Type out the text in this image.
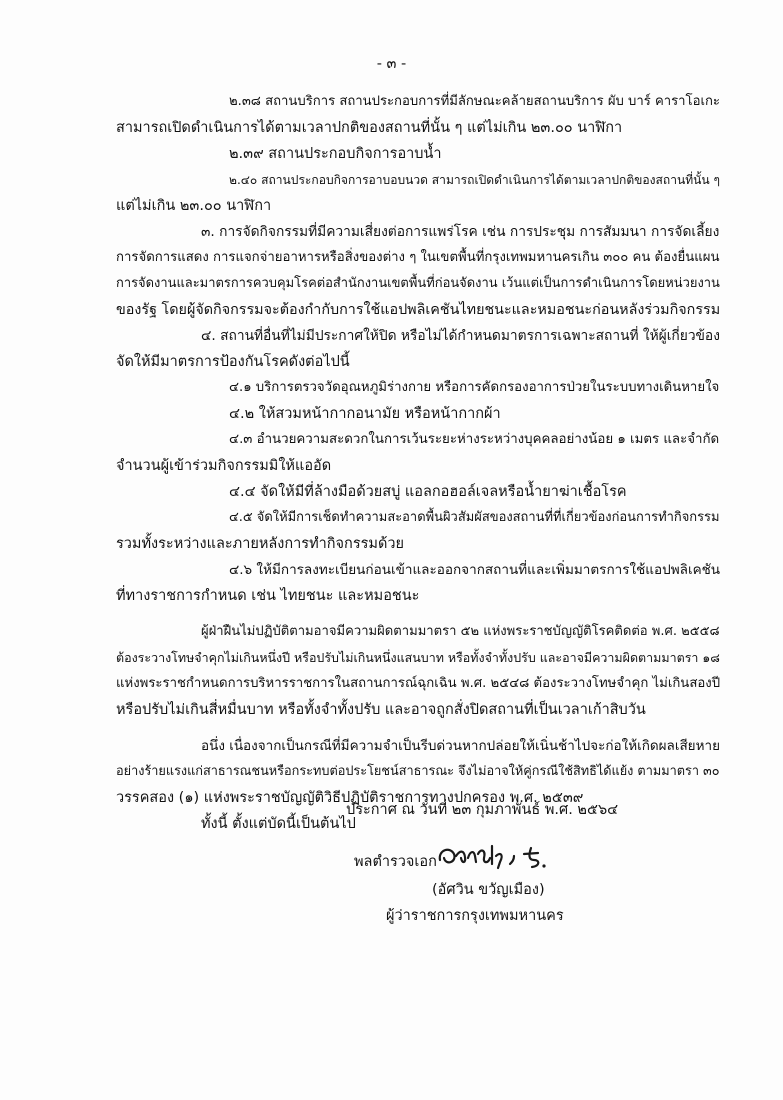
- ๓ -
๒.๓๘ สถานบริการ สถานประกอบการที่มีลักษณะคล้ายสถานบริการ ผับ บาร์ คาราโอเกะ
สามารถเปิดดำเนินการได้ตามเวลาปกติของสถานที่นั้น ๆ แต่ไม่เกิน ๒๓.๐๐ นาฬิกา
๒.๓๙ สถานประกอบกิจการอาบน้ำ
๒.๔๐ สถานประกอบกิจการอาบอบนวด สามารถเปิดดำเนินการได้ตามเวลาปกติของสถานที่นั้น ๆ
แต่ไม่เกิน ๒๓.๐๐ นาฬิกา
๓. การจัดกิจกรรมที่มีความเสี่ยงต่อการแพร่โรค เช่น การประชุม การสัมมนา การจัดเลี้ยง
การจัดการแสดง การแจกจ่ายอาหารหรือสิ่งของต่าง ๆ ในเขตพื้นที่กรุงเทพมหานครเกิน ๓๐๐ คน ต้องยื่นแผน
การจัดงานและมาตรการควบคุมโรคต่อสำนักงานเขตพื้นที่ก่อนจัดงาน เว้นแต่เป็นการดำเนินการโดยหน่วยงาน
ของรัฐ โดยผู้จัดกิจกรรมจะต้องกำกับการใช้แอปพลิเคชันไทยชนะและหมอชนะก่อนหลังร่วมกิจกรรม
๔. สถานที่อื่นที่ไม่มีประกาศให้ปิด หรือไม่ได้กำหนดมาตรการเฉพาะสถานที่ ให้ผู้เกี่ยวข้อง
จัดให้มีมาตรการป้องกันโรคดังต่อไปนี้
๔.๑ บริการตรวจวัดอุณหภูมิร่างกาย หรือการคัดกรองอาการป่วยในระบบทางเดินหายใจ
๔.๒ ให้สวมหน้ากากอนามัย หรือหน้ากากผ้า
๔.๓ อำนวยความสะดวกในการเว้นระยะห่างระหว่างบุคคลอย่างน้อย ๑ เมตร และจำกัด
จำนวนผู้เข้าร่วมกิจกรรมมิให้แออัด
๔.๔ จัดให้มีที่ล้างมือด้วยสบู่ แอลกอฮอล์เจลหรือน้ำยาฆ่าเชื้อโรค
๔.๕ จัดให้มีการเช็ดทำความสะอาดพื้นผิวสัมผัสของสถานที่ที่เกี่ยวข้องก่อนการทำกิจกรรม
รวมทั้งระหว่างและภายหลังการทำกิจกรรมด้วย
๔.๖ ให้มีการลงทะเบียนก่อนเข้าและออกจากสถานที่และเพิ่มมาตรการใช้แอปพลิเคชัน
ที่ทางราชการกำหนด เช่น ไทยชนะ และหมอชนะ
ผู้ฝ่าฝืนไม่ปฏิบัติตามอาจมีความผิดตามมาตรา ๕๒ แห่งพระราชบัญญัติโรคติดต่อ พ.ศ. ๒๕๕๘
ต้องระวางโทษจำคุกไม่เกินหนึ่งปี หรือปรับไม่เกินหนึ่งแสนบาท หรือทั้งจำทั้งปรับ และอาจมีความผิดตามมาตรา ๑๘
แห่งพระราชกำหนดการบริหารราชการในสถานการณ์ฉุกเฉิน พ.ศ. ๒๕๔๘ ต้องระวางโทษจำคุก ไม่เกินสองปี
หรือปรับไม่เกินสี่หมื่นบาท หรือทั้งจำทั้งปรับ และอาจถูกสั่งปิดสถานที่เป็นเวลาเก้าสิบวัน
อนึ่ง เนื่องจากเป็นกรณีที่มีความจำเป็นรีบด่วนหากปล่อยให้เนิ่นช้าไปจะก่อให้เกิดผลเสียหาย
อย่างร้ายแรงแก่สาธารณชนหรือกระทบต่อประโยชน์สาธารณะ จึงไม่อาจให้คู่กรณีใช้สิทธิได้แย้ง ตามมาตรา ๓๐
วรรคสอง (๑) แห่งพระราชบัญญัติวิธีปฏิบัติราชการทางปกครอง พ.ศ. ๒๕๓๙
ทั้งนี้ ตั้งแต่บัดนี้เป็นต้นไป
ประกาศ ณ วันที่ ๒๓ กุมภาพันธ์ พ.ศ. ๒๕๖๔
พลตำรวจเอก
(อัศวิน ขวัญเมือง)
ผู้ว่าราชการกรุงเทพมหานคร
